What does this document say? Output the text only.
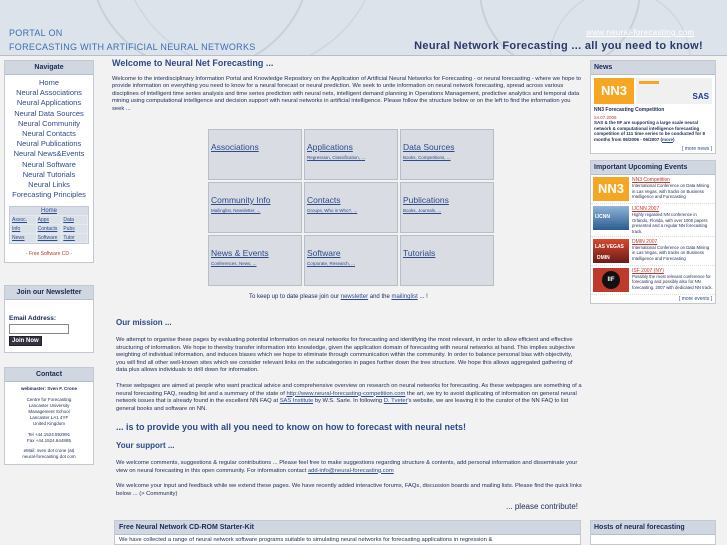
PORTAL ON
FORECASTING WITH ARTIFICIAL NEURAL NETWORKS
www.neural-forecasting.com
Neural Network Forecasting ... all you need to know!
Navigate
Home
Neural Associations
Neural Applications
Neural Data Sources
Neural Community
Neural Contacts
Neural Publications
Neural News&Events
Neural Software
Neural Tutorials
Neural Links
Forecasting Principles
Home
Assoc.	Apps	Data
Info	Contacts	Pubs
News	Software	Tutor
- Free Software CD -
Join our Newsletter
Email Address:
Join Now
Contact
webmaster: Sven F. Crone
Centre for Forecasting
Lancaster University
Management School
Lancaster LA1 4YF
United Kingdom
Tel +44.1524.592991
Fax +44.1524.844885
eMail: sven dot crone (at)
neural-forecasting dot com
Welcome to Neural Net Forecasting ...
Welcome to the interdisciplinary Information Portal and Knowledge Repository on the Application of Artificial Neural Networks for Forecasting - or neural forecasting - where we hope to provide information on everything you need to know for a neural forecast or neural prediction. We seek to unite information on neural network forecasting, spread across various disciplines of intelligent time series analysis and time series prediction with neural nets, intelligent demand planning in Operations Management, predictive analytics and temporal data mining using computational intelligence and decision support with neural networks in artificial intelligence. Please follow the structure below or on the left to find the information you seek ...
Associations	Applications
Regression, Classification, ...
Data Sources
Books, Competitions, ...
Community Info
Mailinglist, Newsletter, ...
Contacts
Groups, Who is Who?, ...
Publications
Books, Journals, ...
News & Events
Conferences, News, ...
Software
Corporate, Research, ...
Tutorials
To keep up to date please join our newsletter and the mailinglist ... !
Our mission ...
We attempt to organise these pages by evaluating potential information on neural networks for forecasting and identifying the most relevant, in order to allow efficient and effective structuring of information. We hope to thereby transfer information into knowledge, given the application domain of forecasting with neural networks at hand. This implies subjective weighting of individual information, and induces biases which we hope to eliminate through communication within the community. In order to balance personal bias with objectivity, you will find all other well-known sites which we consider relevant links on the subcategories in pages further down the tree structure. We hope this allows aggregated gathering of data plus allows individuals to drill down for information.
These webpages are aimed at people who want practical advice and comprehensive overview on research on neural networks for forecasting. As these webpages are something of a neural forecasting FAQ, reading list and a summary of the state of http://www.neural-forecasting-competition.com the art, we try to avoid duplicating of information on general neural network issues that is already found in the excellent NN FAQ at SAS Institute by W.S. Sarle. In following D. Tveter's website, we are leaving it to the curator of the NN FAQ to list general books and software on NN.
... is to provide you with all you need to know on how to forecast with neural nets!
Your support ...
We welcome comments, suggestions & regular contributions ... Please feel free to make suggestions regarding structure & contents, add personal information and disseminate your view on neural forecasting in this open community. For information contact add-info@neural-forecasting.com
We welcome your input and feedback while we extend these pages. We have recently added interactive forums, FAQs, discussion boards and mailing lists. Please find the quick links below ... (> Community)
... please contribute!
Free Neural Network CD-ROM Starter-Kit
We have collected a range of neural network software programs suitable to simulating neural networks for forecasting applications in regression &
News
NN3	SAS
NN3 Forecasting Competition
24.07.2006
SAS & the IIF are supporting a large scale neural network & computational intelligence forecasting competition of 111 time series to be conducted for 8 months from 06/2006 - 06/2007 (more)
[ more news ]
Important Upcoming Events
NN3
NN3 Competition
International Conference on Data Mining in Las Vegas, with tracks on Business Intelligence and Forecasting
IJCNN
IJCNN 2007
Highly regarded NN conference in Orlando, Florida, with over 1000 papers presented and a regular NN forecasting track.
LAS VEGAS
DMIN
DMIN 2007
International Conference on Data Mining in Las Vegas, with tracks on Business Intelligence and Forecasting
IIF
ISF 2007 (NY)
Possibly the most relevant conference for forecasting and possibly also for NN forecasting. 2007 with dedicated NN track.
[ more events ]
Hosts of neural forecasting
